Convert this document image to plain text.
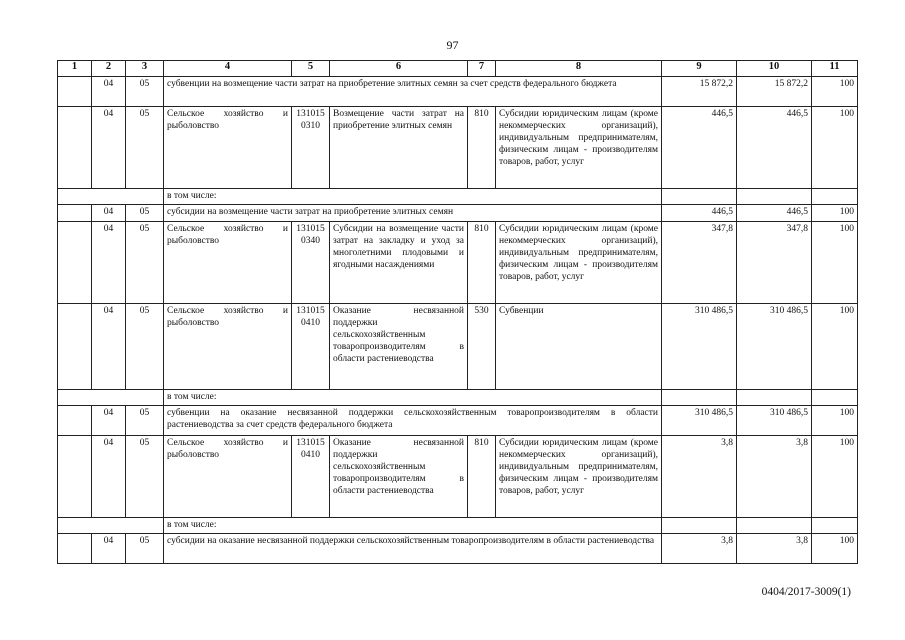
97
1	2	3	4	5	6	7	8	9	10	11
	04	05	субвенции на возмещение части затрат на приобретение элитных семян за счет средств федерального бюджета					15 872,2	15 872,2	100
	04	05	Сельское хозяйство и рыболовство	131015 0310	Возмещение части затрат на приобретение элитных семян	810	Субсидии юридическим лицам (кроме некоммерческих организаций), индивидуальным предпринимателям, физическим лицам - производителям товаров, работ, услуг	446,5	446,5	100
			в том числе:							
	04	05	субсидии на возмещение части затрат на приобретение элитных семян					446,5	446,5	100
	04	05	Сельское хозяйство и рыболовство	131015 0340	Субсидии на возмещение части затрат на закладку и уход за многолетними плодовыми и ягодными насаждениями	810	Субсидии юридическим лицам (кроме некоммерческих организаций), индивидуальным предпринимателям, физическим лицам - производителям товаров, работ, услуг	347,8	347,8	100
	04	05	Сельское хозяйство и рыболовство	131015 0410	Оказание несвязанной поддержки сельскохозяйственным товаропроизводителям в области растениеводства	530	Субвенции	310 486,5	310 486,5	100
			в том числе:							
	04	05	субвенции на оказание несвязанной поддержки сельскохозяйственным товаропроизводителям в области растениеводства за счет средств федерального бюджета					310 486,5	310 486,5	100
	04	05	Сельское хозяйство и рыболовство	131015 0410	Оказание несвязанной поддержки сельскохозяйственным товаропроизводителям в области растениеводства	810	Субсидии юридическим лицам (кроме некоммерческих организаций), индивидуальным предпринимателям, физическим лицам - производителям товаров, работ, услуг	3,8	3,8	100
			в том числе:							
	04	05	субсидии на оказание несвязанной поддержки сельскохозяйственным товаропроизводителям в области растениеводства					3,8	3,8	100
0404/2017-3009(1)
